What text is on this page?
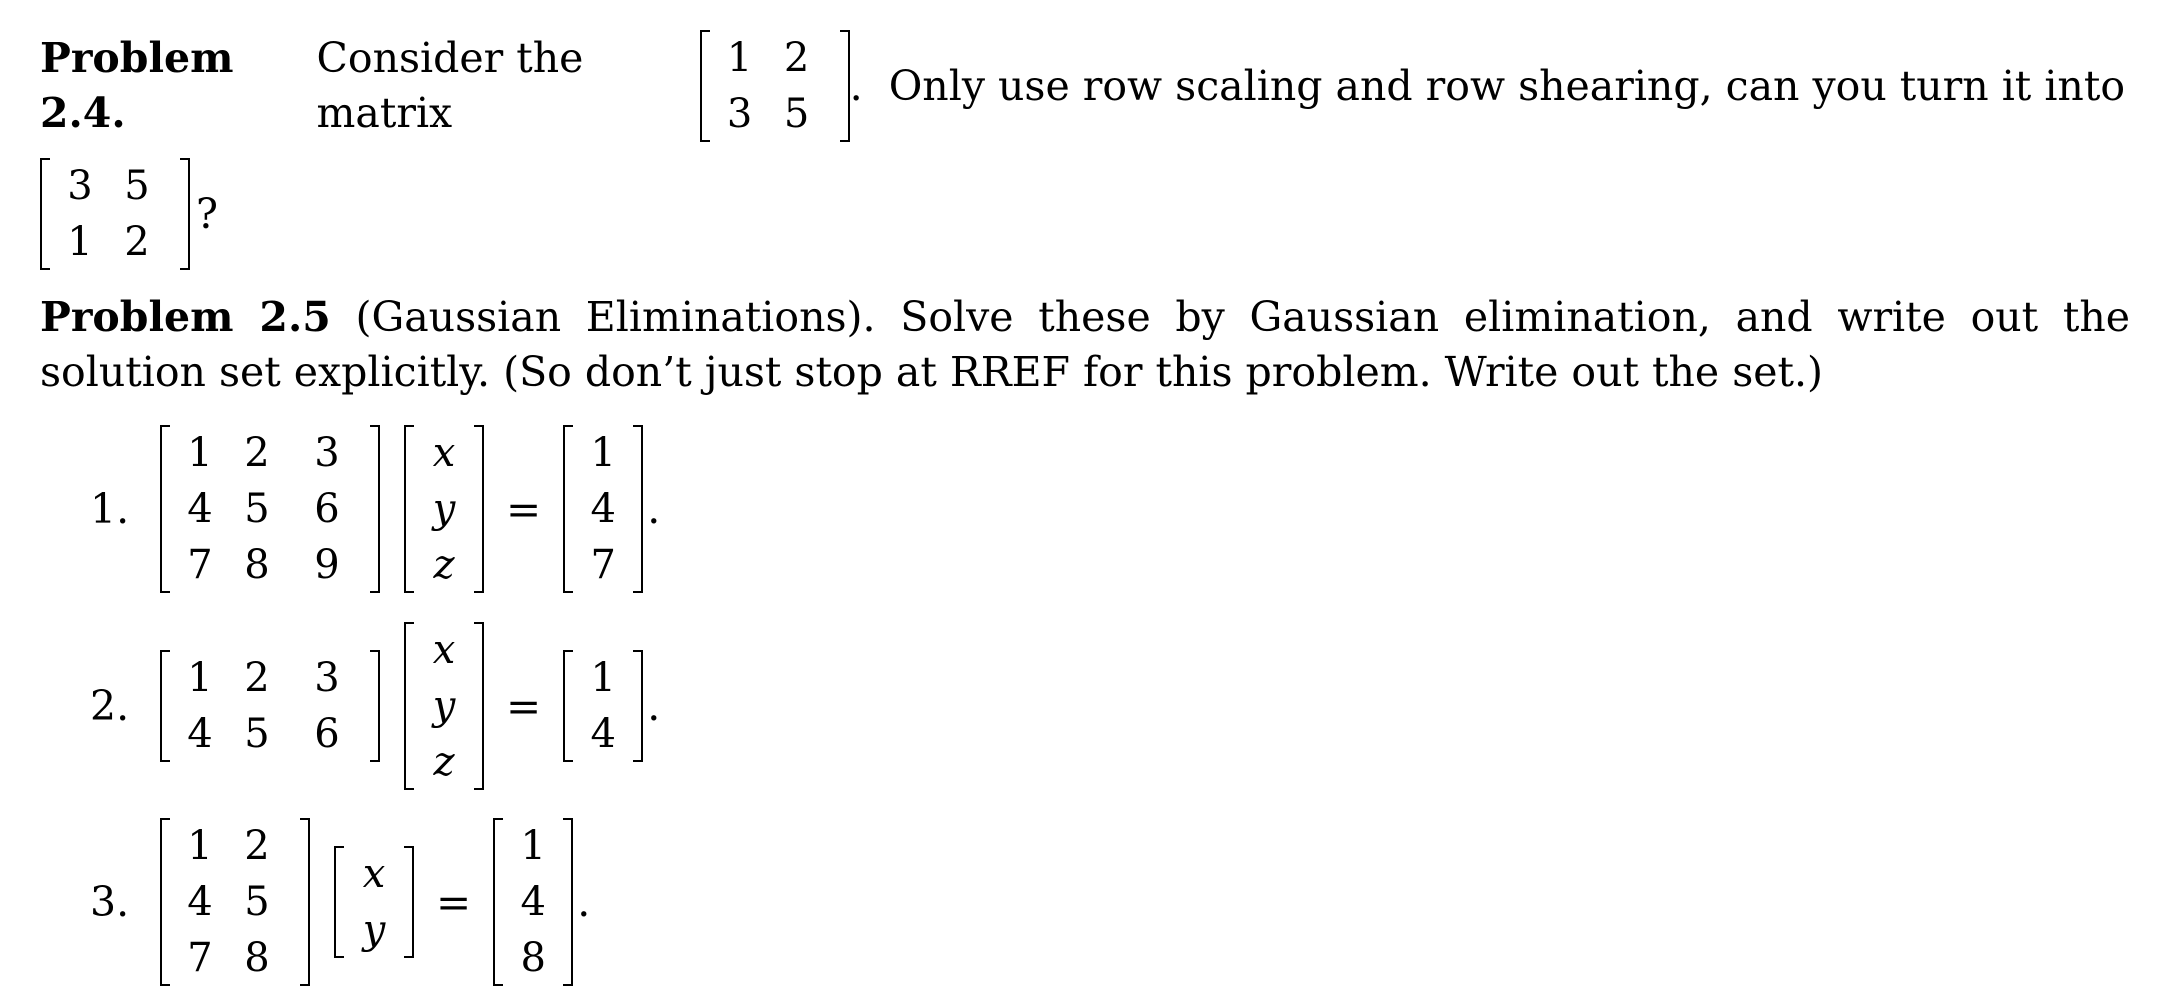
Problem 2.4.
Consider the matrix
1 2
3 5
.  Only use row scaling and row shearing, can you turn it into
3 5
1 2
?

Problem 2.5 (Gaussian Eliminations). Solve these by Gaussian elimination, and write out the solution set explicitly. (So don’t just stop at RREF for this problem. Write out the set.)

1.
1 2	3
4 5	6
7 8	9
x
y
z
=
1
4
7
.
2.
1 2	3
4 5	6
x
y
z
=
1
4
.
3.
1 2
4 5
7 8
x
y
=
1
4
8
.
